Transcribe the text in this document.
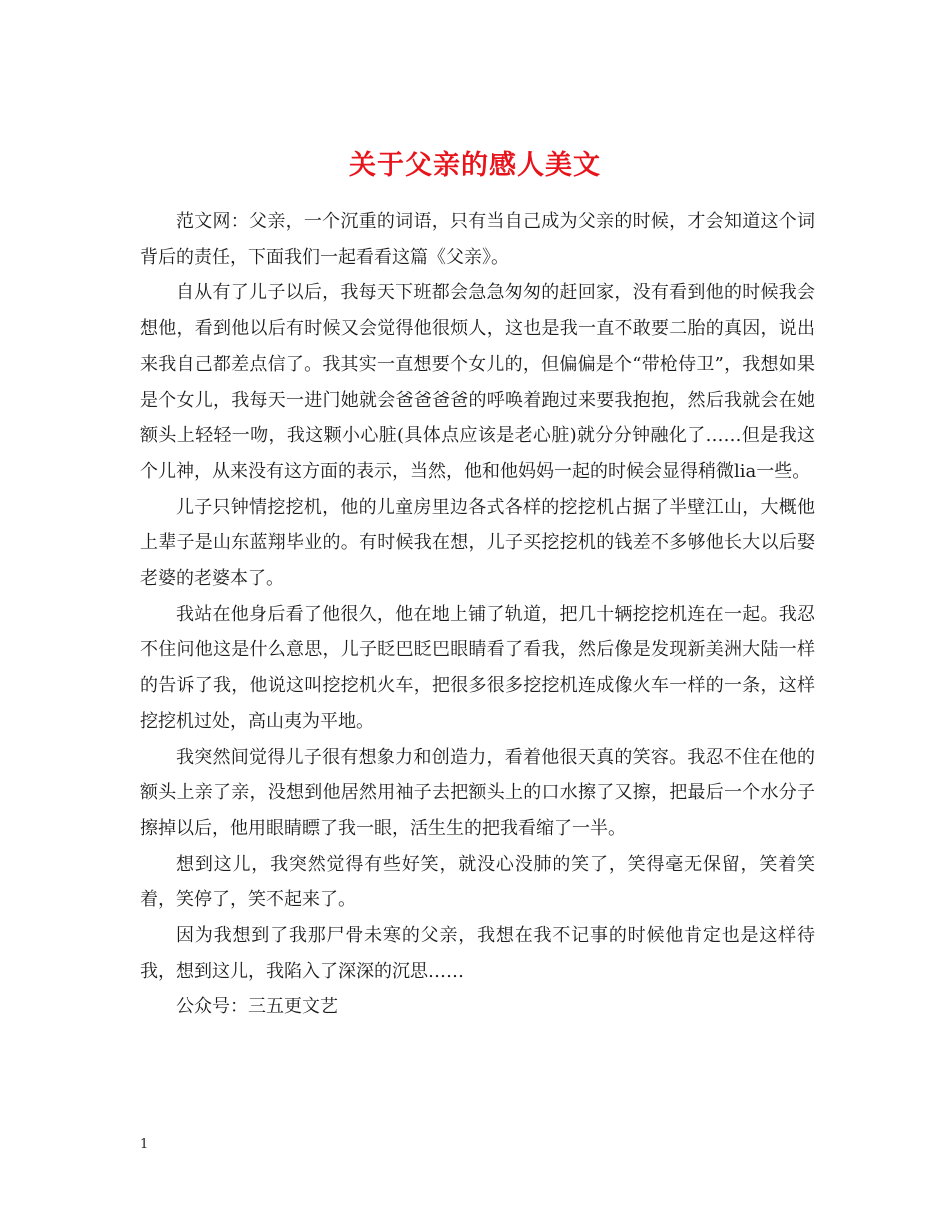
关于父亲的感人美文

范文网：父亲，一个沉重的词语，只有当自己成为父亲的时候，才会知道这个词背后的责任，下面我们一起看看这篇《父亲》。

自从有了儿子以后，我每天下班都会急急匆匆的赶回家，没有看到他的时候我会想他，看到他以后有时候又会觉得他很烦人，这也是我一直不敢要二胎的真因，说出来我自己都差点信了。我其实一直想要个女儿的，但偏偏是个“带枪侍卫”，我想如果是个女儿，我每天一进门她就会爸爸爸爸的呼唤着跑过来要我抱抱，然后我就会在她额头上轻轻一吻，我这颗小心脏(具体点应该是老心脏)就分分钟融化了……但是我这个儿神，从来没有这方面的表示，当然，他和他妈妈一起的时候会显得稍微lia一些。

儿子只钟情挖挖机，他的儿童房里边各式各样的挖挖机占据了半壁江山，大概他上辈子是山东蓝翔毕业的。有时候我在想，儿子买挖挖机的钱差不多够他长大以后娶老婆的老婆本了。

我站在他身后看了他很久，他在地上铺了轨道，把几十辆挖挖机连在一起。我忍不住问他这是什么意思，儿子眨巴眨巴眼睛看了看我，然后像是发现新美洲大陆一样的告诉了我，他说这叫挖挖机火车，把很多很多挖挖机连成像火车一样的一条，这样挖挖机过处，高山夷为平地。

我突然间觉得儿子很有想象力和创造力，看着他很天真的笑容。我忍不住在他的额头上亲了亲，没想到他居然用袖子去把额头上的口水擦了又擦，把最后一个水分子擦掉以后，他用眼睛瞟了我一眼，活生生的把我看缩了一半。

想到这儿，我突然觉得有些好笑，就没心没肺的笑了，笑得毫无保留，笑着笑着，笑停了，笑不起来了。

因为我想到了我那尸骨未寒的父亲，我想在我不记事的时候他肯定也是这样待我，想到这儿，我陷入了深深的沉思……

公众号：三五更文艺

1
